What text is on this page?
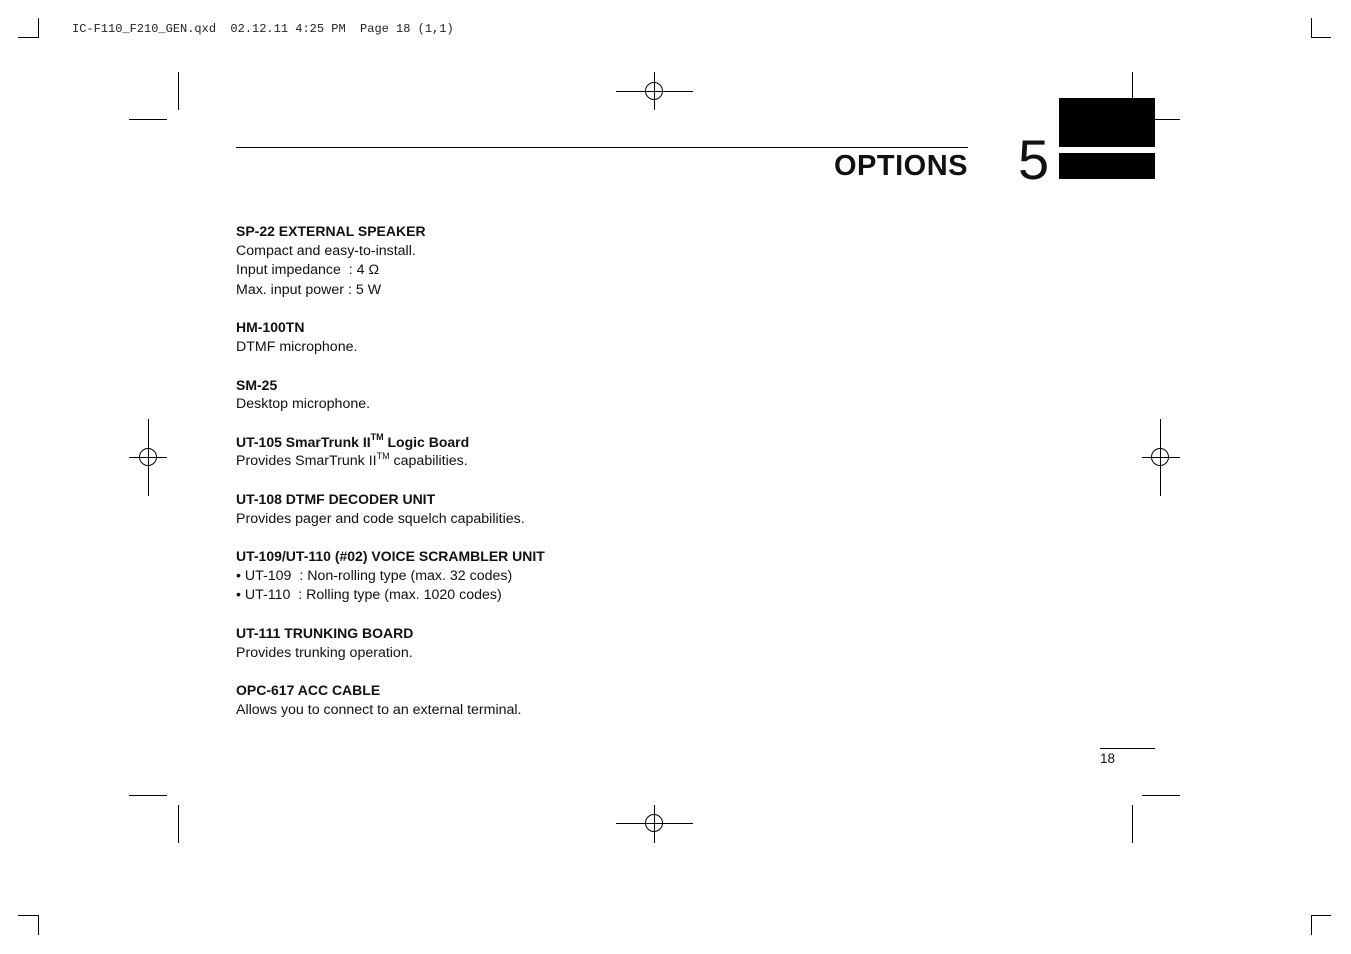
IC-F110_F210_GEN.qxd  02.12.11 4:25 PM  Page 18 (1,1)
OPTIONS 5
SP-22 EXTERNAL SPEAKER
Compact and easy-to-install.
Input impedance  : 4 Ω
Max. input power : 5 W
HM-100TN
DTMF microphone.
SM-25
Desktop microphone.
UT-105 SmarTrunk II™ Logic Board
Provides SmarTrunk II™ capabilities.
UT-108 DTMF DECODER UNIT
Provides pager and code squelch capabilities.
UT-109/UT-110 (#02) VOICE SCRAMBLER UNIT
• UT-109  : Non-rolling type (max. 32 codes)
• UT-110  : Rolling type (max. 1020 codes)
UT-111 TRUNKING BOARD
Provides trunking operation.
OPC-617 ACC CABLE
Allows you to connect to an external terminal.
18
